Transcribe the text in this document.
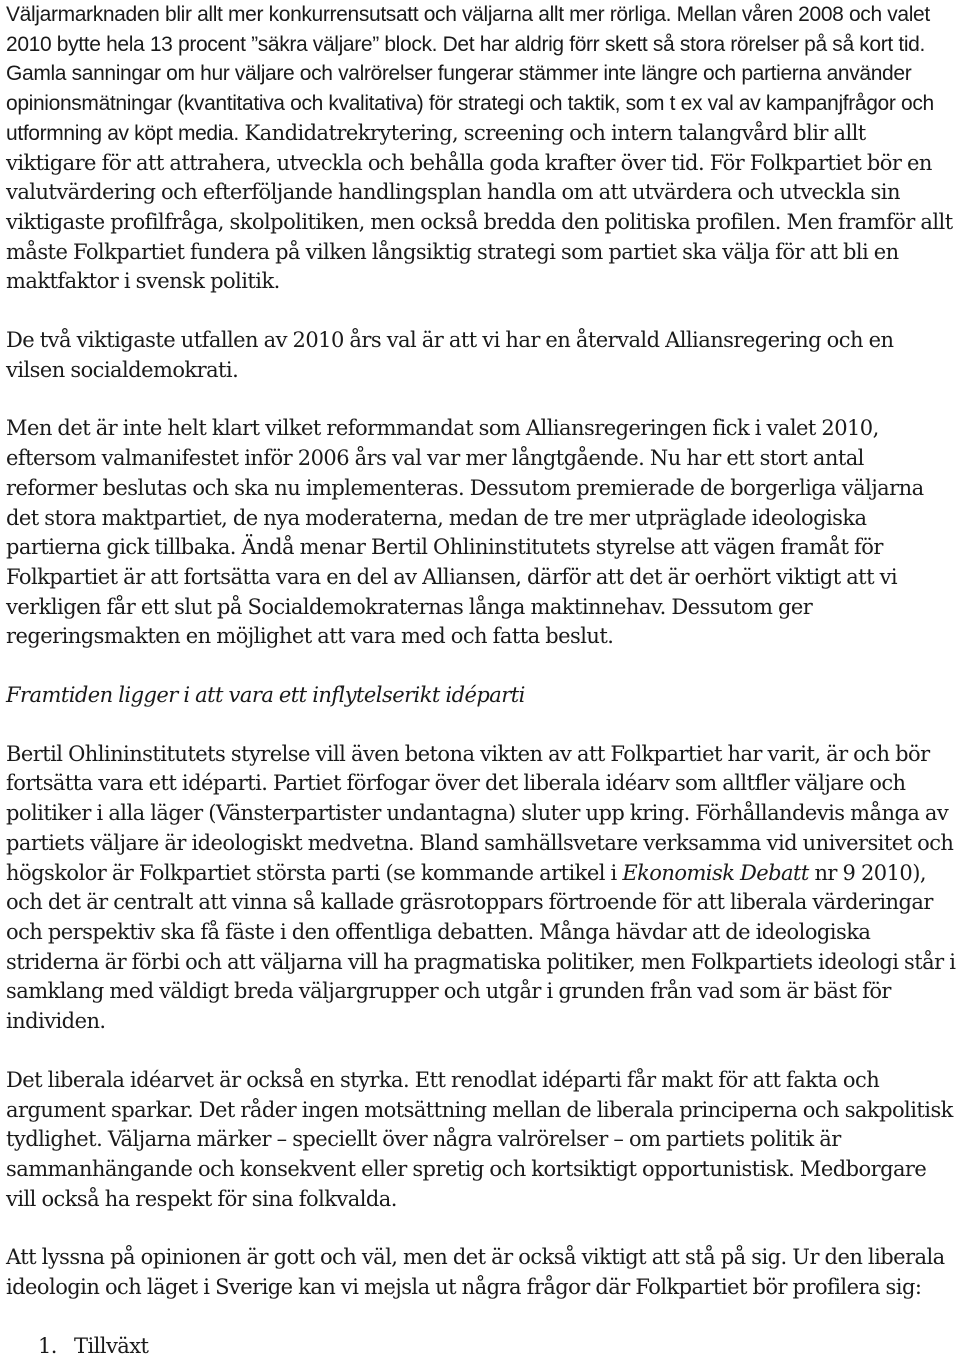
Väljarmarknaden blir allt mer konkurrensutsatt och väljarna allt mer rörliga. Mellan våren 2008 och valet 2010 bytte hela 13 procent ”säkra väljare” block. Det har aldrig förr skett så stora rörelser på så kort tid. Gamla sanningar om hur väljare och valrörelser fungerar stämmer inte längre och partierna använder opinionsmätningar (kvantitativa och kvalitativa) för strategi och taktik, som t ex val av kampanjfrågor och utformning av köpt media. Kandidatrekrytering, screening och intern talangvård blir allt viktigare för att attrahera, utveckla och behålla goda krafter över tid. För Folkpartiet bör en valutvärdering och efterföljande handlingsplan handla om att utvärdera och utveckla sin viktigaste profilfråga, skolpolitiken, men också bredda den politiska profilen. Men framför allt måste Folkpartiet fundera på vilken långsiktig strategi som partiet ska välja för att bli en maktfaktor i svensk politik.

De två viktigaste utfallen av 2010 års val är att vi har en återvald Alliansregering och en vilsen socialdemokrati.

Men det är inte helt klart vilket reformmandat som Alliansregeringen fick i valet 2010, eftersom valmanifestet inför 2006 års val var mer långtgående. Nu har ett stort antal reformer beslutas och ska nu implementeras. Dessutom premierade de borgerliga väljarna det stora maktpartiet, de nya moderaterna, medan de tre mer utpräglade ideologiska partierna gick tillbaka. Ändå menar Bertil Ohlininstitutets styrelse att vägen framåt för Folkpartiet är att fortsätta vara en del av Alliansen, därför att det är oerhört viktigt att vi verkligen får ett slut på Socialdemokraternas långa maktinnehav. Dessutom ger regeringsmakten en möjlighet att vara med och fatta beslut.

Framtiden ligger i att vara ett inflytelserikt idéparti

Bertil Ohlininstitutets styrelse vill även betona vikten av att Folkpartiet har varit, är och bör fortsätta vara ett idéparti. Partiet förfogar över det liberala idéarv som alltfler väljare och politiker i alla läger (Vänsterpartister undantagna) sluter upp kring. Förhållandevis många av partiets väljare är ideologiskt medvetna. Bland samhällsvetare verksamma vid universitet och högskolor är Folkpartiet största parti (se kommande artikel i Ekonomisk Debatt nr 9 2010), och det är centralt att vinna så kallade gräsrotoppars förtroende för att liberala värderingar och perspektiv ska få fäste i den offentliga debatten. Många hävdar att de ideologiska striderna är förbi och att väljarna vill ha pragmatiska politiker, men Folkpartiets ideologi står i samklang med väldigt breda väljargrupper och utgår i grunden från vad som är bäst för individen.

Det liberala idéarvet är också en styrka. Ett renodlat idéparti får makt för att fakta och argument sparkar. Det råder ingen motsättning mellan de liberala principerna och sakpolitisk tydlighet. Väljarna märker – speciellt över några valrörelser – om partiets politik är sammanhängande och konsekvent eller spretig och kortsiktigt opportunistisk. Medborgare vill också ha respekt för sina folkvalda.

Att lyssna på opinionen är gott och väl, men det är också viktigt att stå på sig. Ur den liberala ideologin och läget i Sverige kan vi mejsla ut några frågor där Folkpartiet bör profilera sig:

1. Tillväxt
